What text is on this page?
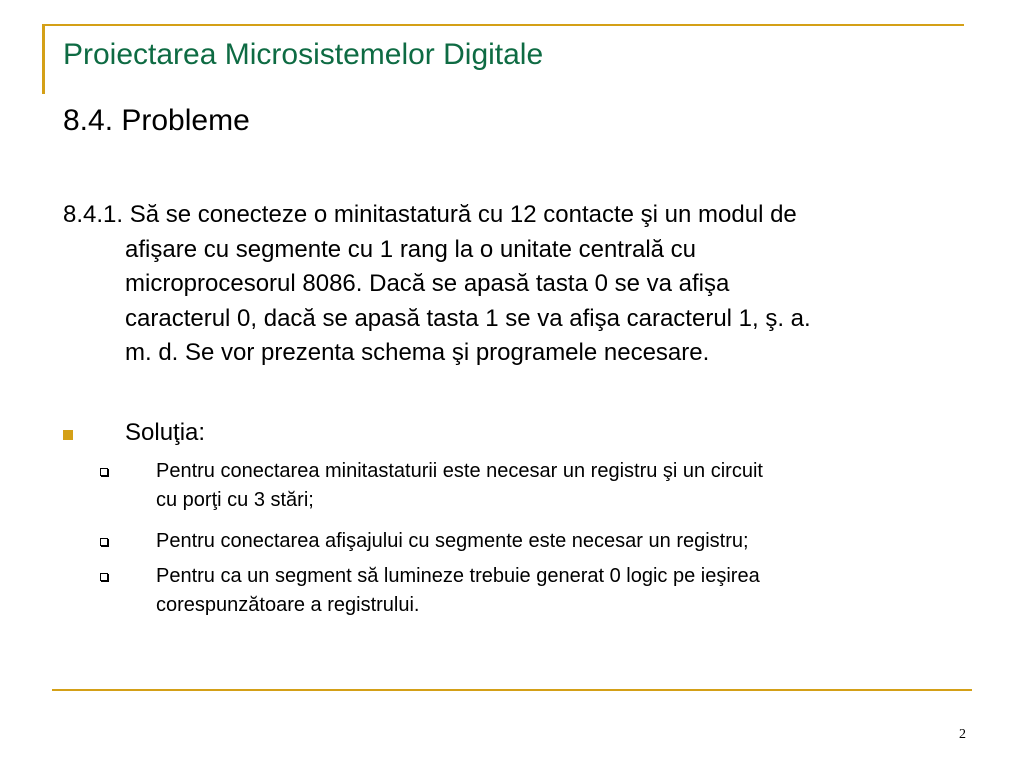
Proiectarea Microsistemelor Digitale
8.4. Probleme
8.4.1. Să se conecteze o minitastatură cu 12 contacte şi un modul de
afişare cu segmente cu 1 rang la o unitate centrală cu
microprocesorul 8086. Dacă se apasă tasta 0 se va afişa
caracterul 0, dacă se apasă tasta 1 se va afişa caracterul 1, ş. a.
m. d. Se vor prezenta schema şi programele necesare.
Soluţia:
Pentru conectarea minitastaturii este necesar un registru şi un circuit
cu porţi cu 3 stări;
Pentru conectarea afişajului cu segmente este necesar un registru;
Pentru ca un segment să lumineze trebuie generat 0 logic pe ieşirea
corespunzătoare a registrului.
2
